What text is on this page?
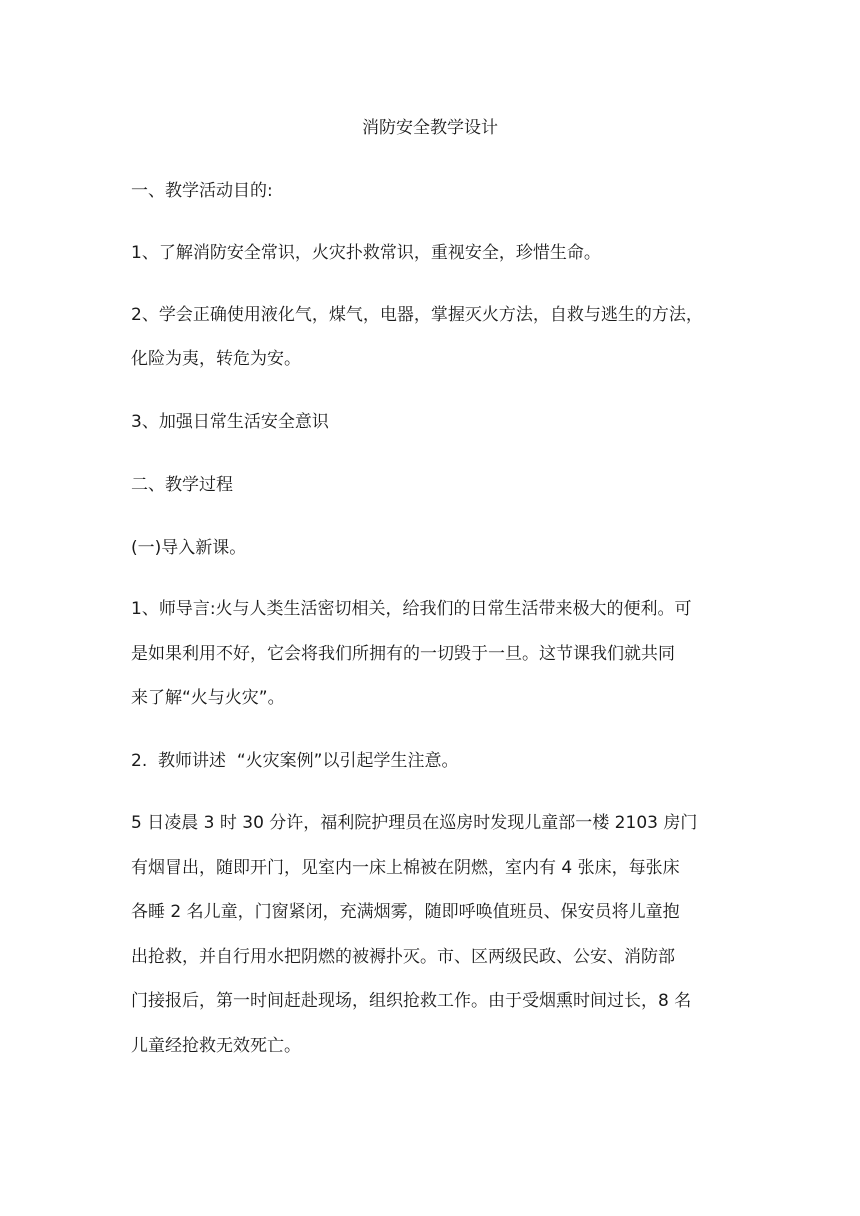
消防安全教学设计
一、教学活动目的:
1、了解消防安全常识，火灾扑救常识，重视安全，珍惜生命。
2、学会正确使用液化气，煤气，电器，掌握灭火方法，自救与逃生的方法，
化险为夷，转危为安。
3、加强日常生活安全意识
二、教学过程
(一)导入新课。
1、师导言:火与人类生活密切相关，给我们的日常生活带来极大的便利。可
是如果利用不好，它会将我们所拥有的一切毁于一旦。这节课我们就共同
来了解“火与火灾”。
2.  教师讲述  “火灾案例”以引起学生注意。
5 日凌晨 3 时 30 分许，福利院护理员在巡房时发现儿童部一楼 2103 房门
有烟冒出，随即开门，见室内一床上棉被在阴燃，室内有 4 张床，每张床
各睡 2 名儿童，门窗紧闭，充满烟雾，随即呼唤值班员、保安员将儿童抱
出抢救，并自行用水把阴燃的被褥扑灭。市、区两级民政、公安、消防部
门接报后，第一时间赶赴现场，组织抢救工作。由于受烟熏时间过长，8 名
儿童经抢救无效死亡。
